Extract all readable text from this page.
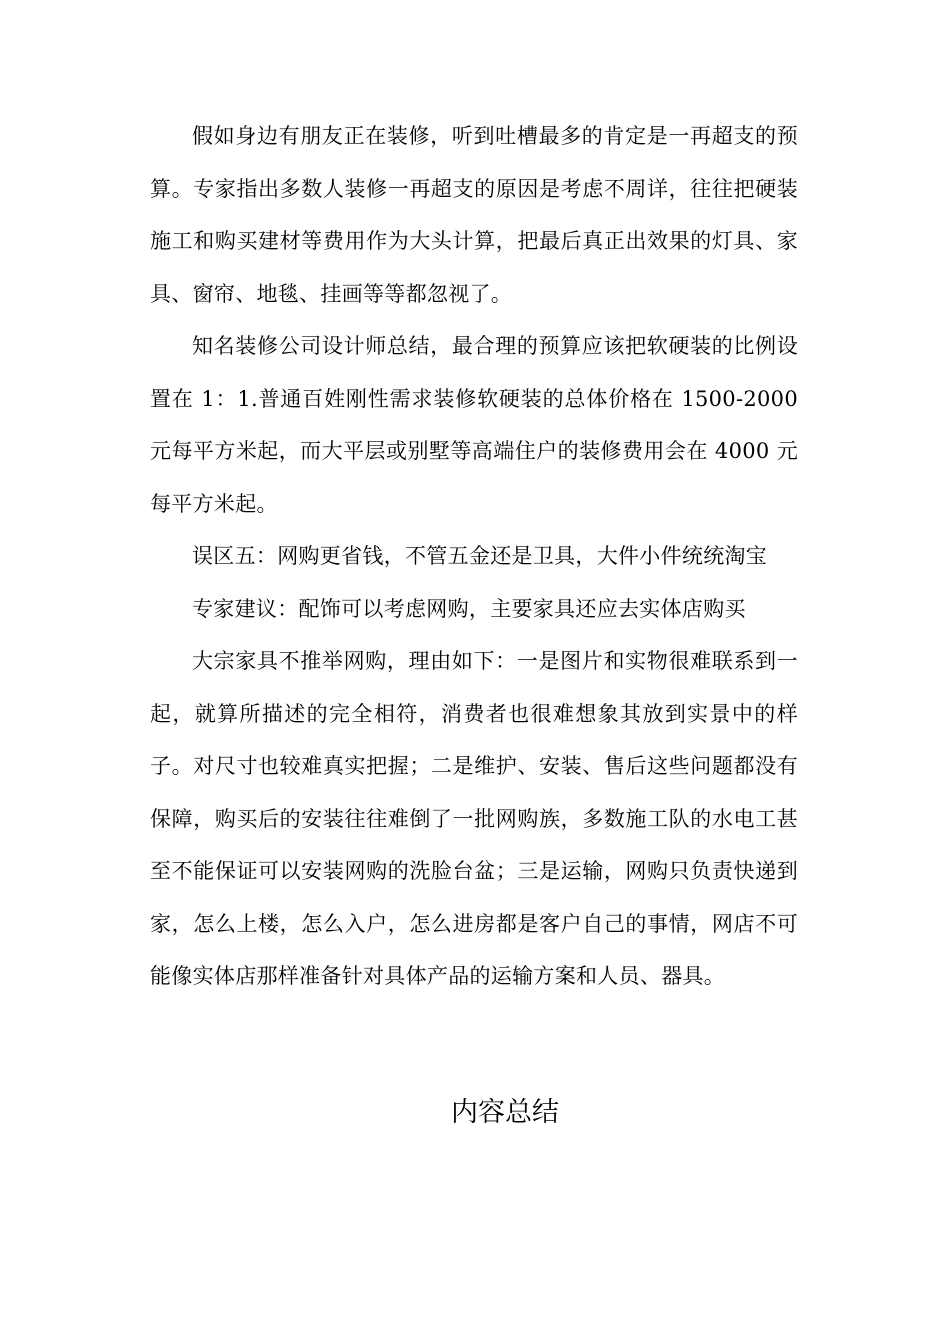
假如身边有朋友正在装修，听到吐槽最多的肯定是一再超支的预算。专家指出多数人装修一再超支的原因是考虑不周详，往往把硬装施工和购买建材等费用作为大头计算，把最后真正出效果的灯具、家具、窗帘、地毯、挂画等等都忽视了。

知名装修公司设计师总结，最合理的预算应该把软硬装的比例设置在 1：1.普通百姓刚性需求装修软硬装的总体价格在 1500-2000 元每平方米起，而大平层或别墅等高端住户的装修费用会在 4000 元每平方米起。

误区五：网购更省钱，不管五金还是卫具，大件小件统统淘宝

专家建议：配饰可以考虑网购，主要家具还应去实体店购买

大宗家具不推举网购，理由如下：一是图片和实物很难联系到一起，就算所描述的完全相符，消费者也很难想象其放到实景中的样子。对尺寸也较难真实把握；二是维护、安装、售后这些问题都没有保障，购买后的安装往往难倒了一批网购族，多数施工队的水电工甚至不能保证可以安装网购的洗脸台盆；三是运输，网购只负责快递到家，怎么上楼，怎么入户，怎么进房都是客户自己的事情，网店不可能像实体店那样准备针对具体产品的运输方案和人员、器具。

内容总结
